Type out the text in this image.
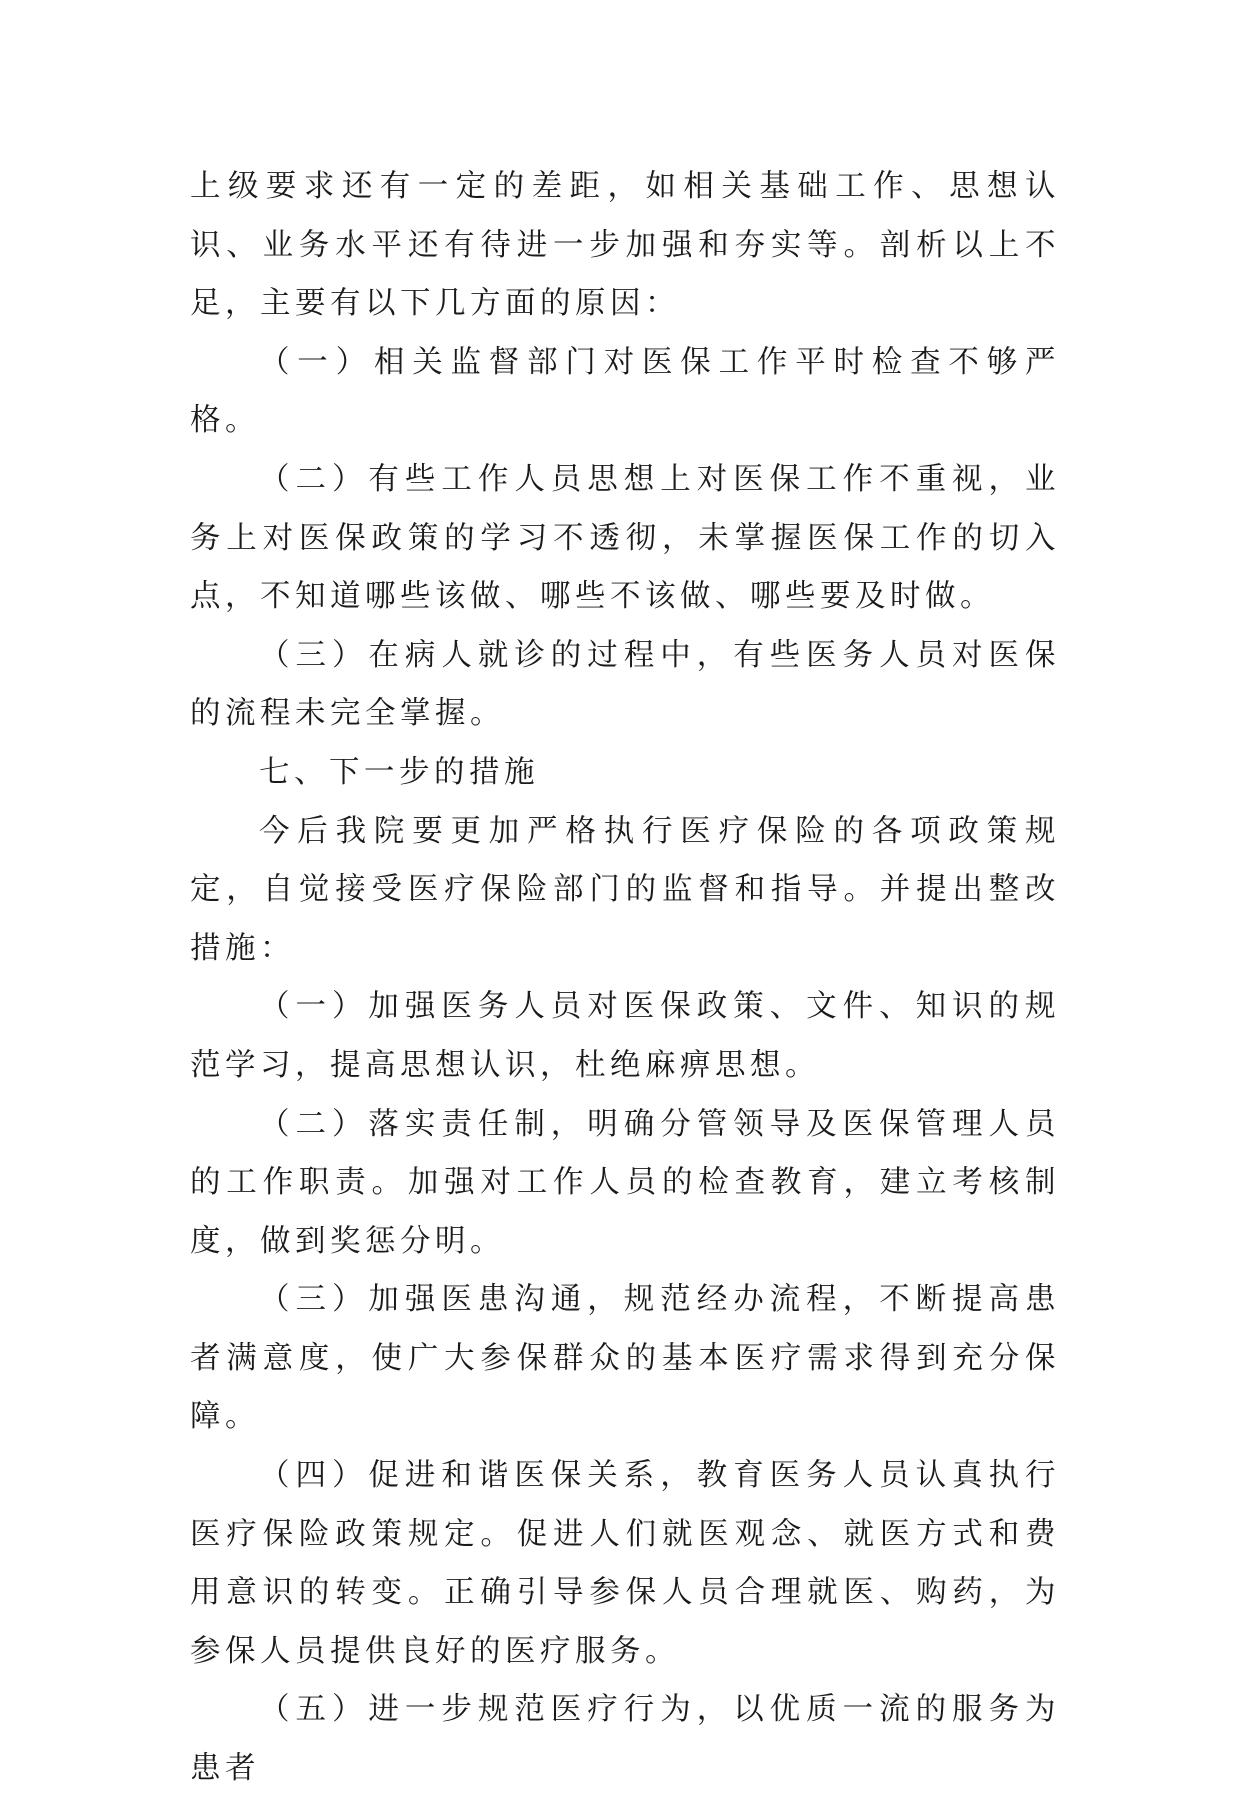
上级要求还有一定的差距，如相关基础工作、思想认识、业务水平还有待进一步加强和夯实等。剖析以上不足，主要有以下几方面的原因：

（一）相关监督部门对医保工作平时检查不够严格。

（二）有些工作人员思想上对医保工作不重视，业务上对医保政策的学习不透彻，未掌握医保工作的切入点，不知道哪些该做、哪些不该做、哪些要及时做。

（三）在病人就诊的过程中，有些医务人员对医保的流程未完全掌握。

七、下一步的措施

今后我院要更加严格执行医疗保险的各项政策规定，自觉接受医疗保险部门的监督和指导。并提出整改措施：

（一）加强医务人员对医保政策、文件、知识的规范学习，提高思想认识，杜绝麻痹思想。

（二）落实责任制，明确分管领导及医保管理人员的工作职责。加强对工作人员的检查教育，建立考核制度，做到奖惩分明。

（三）加强医患沟通，规范经办流程，不断提高患者满意度，使广大参保群众的基本医疗需求得到充分保障。

（四）促进和谐医保关系，教育医务人员认真执行医疗保险政策规定。促进人们就医观念、就医方式和费用意识的转变。正确引导参保人员合理就医、购药，为参保人员提供良好的医疗服务。

（五）进一步规范医疗行为，以优质一流的服务为患者
